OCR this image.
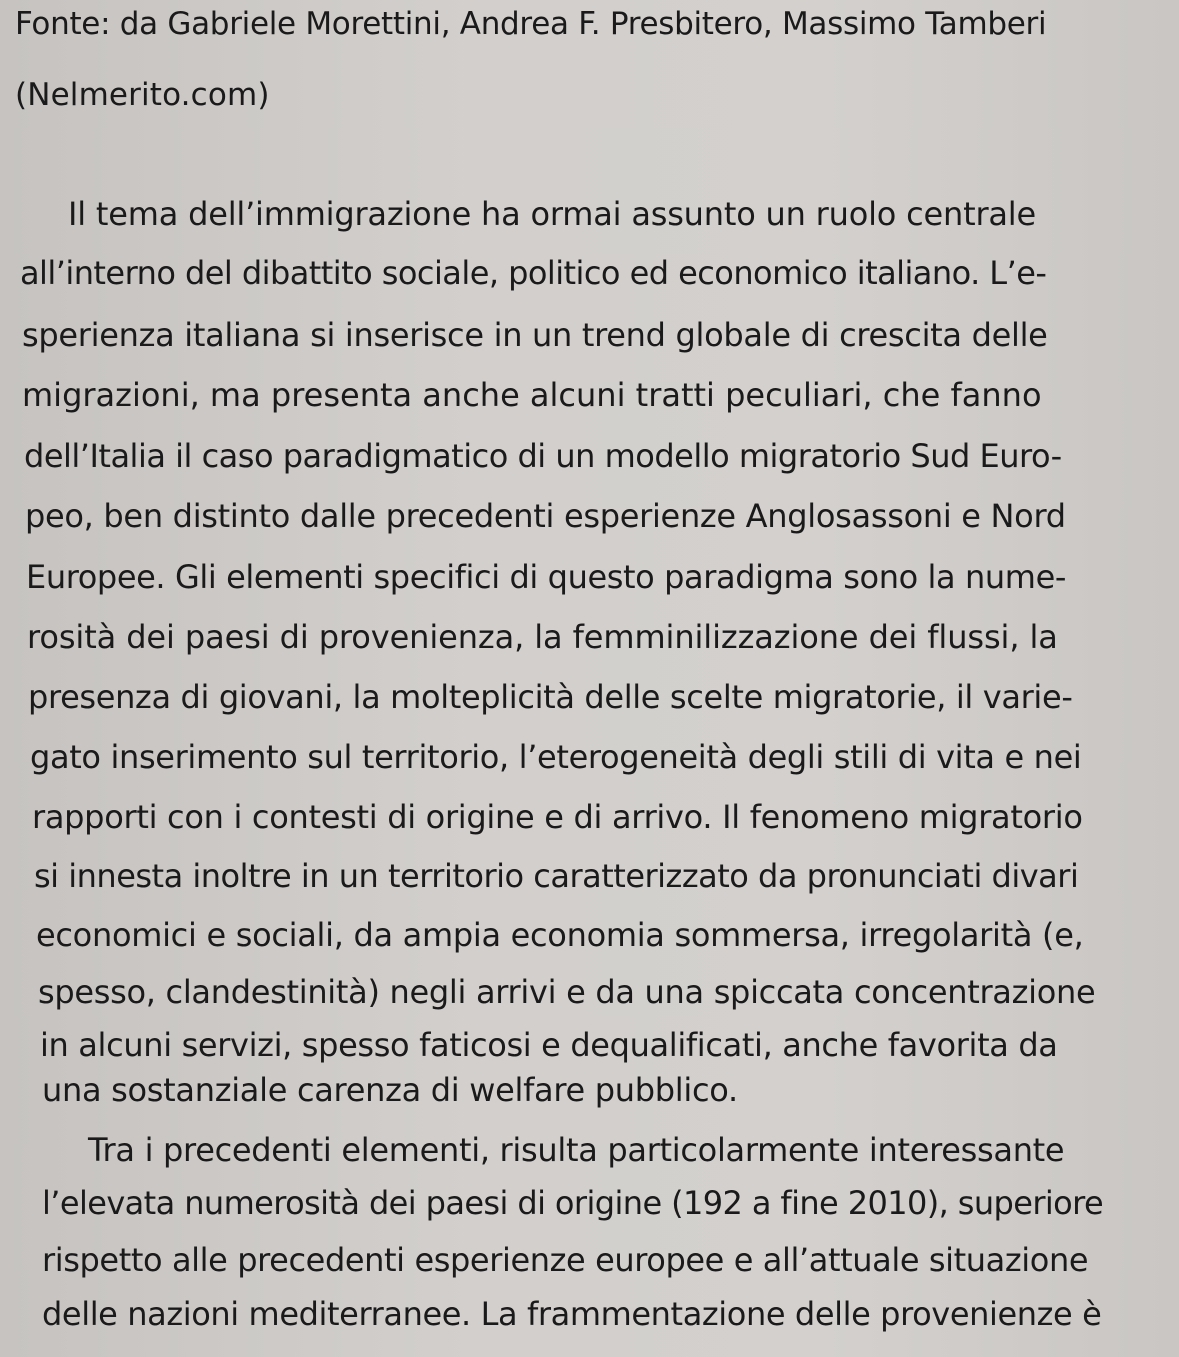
Fonte: da Gabriele Morettini, Andrea F. Presbitero, Massimo Tamberi
(Nelmerito.com)
Il tema dell’immigrazione ha ormai assunto un ruolo centrale
all’interno del dibattito sociale, politico ed economico italiano. L’e-
sperienza italiana si inserisce in un trend globale di crescita delle
migrazioni, ma presenta anche alcuni tratti peculiari, che fanno
dell’Italia il caso paradigmatico di un modello migratorio Sud Euro-
peo, ben distinto dalle precedenti esperienze Anglosassoni e Nord
Europee. Gli elementi specifici di questo paradigma sono la nume-
rosità dei paesi di provenienza, la femminilizzazione dei flussi, la
presenza di giovani, la molteplicità delle scelte migratorie, il varie-
gato inserimento sul territorio, l’eterogeneità degli stili di vita e nei
rapporti con i contesti di origine e di arrivo. Il fenomeno migratorio
si innesta inoltre in un territorio caratterizzato da pronunciati divari
economici e sociali, da ampia economia sommersa, irregolarità (e,
spesso, clandestinità) negli arrivi e da una spiccata concentrazione
in alcuni servizi, spesso faticosi e dequalificati, anche favorita da
una sostanziale carenza di welfare pubblico.
Tra i precedenti elementi, risulta particolarmente interessante
l’elevata numerosità dei paesi di origine (192 a fine 2010), superiore
rispetto alle precedenti esperienze europee e all’attuale situazione
delle nazioni mediterranee. La frammentazione delle provenienze è
